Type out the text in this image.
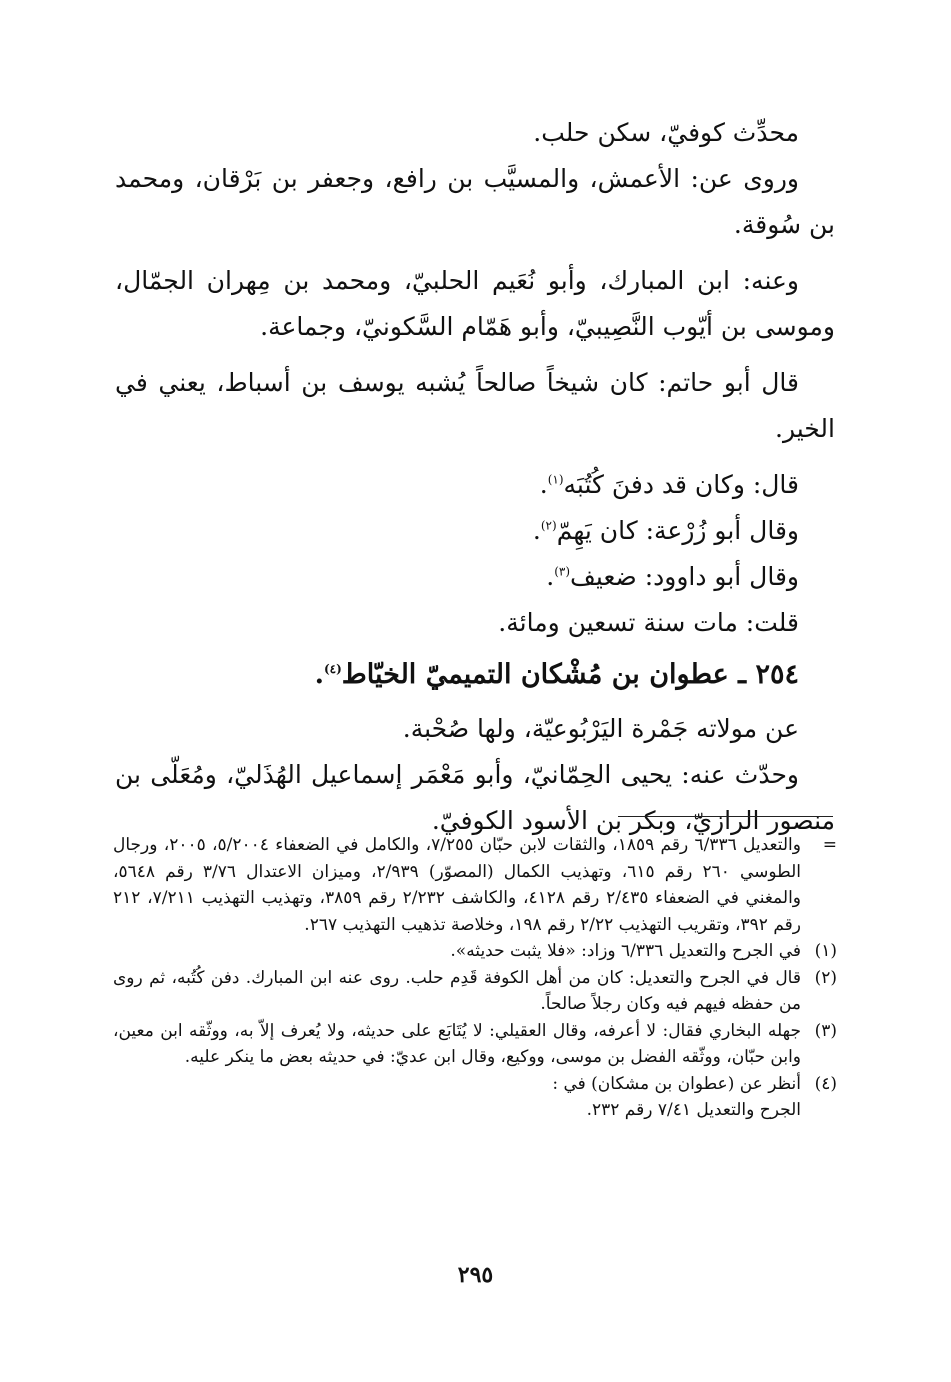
محدِّث كوفيّ، سكن حلب.

وروى عن: الأعمش، والمسيَّب بن رافع، وجعفر بن بَرْقان، ومحمد بن سُوقة.

وعنه: ابن المبارك، وأبو نُعَيم الحلبيّ، ومحمد بن مِهران الجمّال، وموسى بن أيّوب النَّصِيبيّ، وأبو هَمّام السَّكونيّ، وجماعة.

قال أبو حاتم: كان شيخاً صالحاً يُشبه يوسف بن أسباط، يعني في الخير.

قال: وكان قد دفنَ كُتُبَه$^{(١)}$.

وقال أبو زُرْعة: كان يَهِمّ$^{(٢)}$.

وقال أبو داوود: ضعيف$^{(٣)}$.

قلت: مات سنة تسعين ومائة.

٢٥٤ ـ عطوان بن مُشْكان التميميّ الخيّاط$^{(٤)}$.

عن مولاته جَمْرة اليَرْبُوعيّة، ولها صُحْبة.

وحدّث عنه: يحيى الحِمّانيّ، وأبو مَعْمَر إسماعيل الهُذَليّ، ومُعَلّى بن منصور الرازيّ، وبكر بن الأسود الكوفيّ.

=
والتعديل ٦/٣٣٦ رقم ١٨٥٩، والثقات لابن حبّان ٧/٢٥٥، والكامل في الضعفاء ٥/٢٠٠٤، ٢٠٠٥، ورجال الطوسي ٢٦٠ رقم ٦١٥، وتهذيب الكمال (المصوّر) ٢/٩٣٩، وميزان الاعتدال ٣/٧٦ رقم ٥٦٤٨، والمغني في الضعفاء ٢/٤٣٥ رقم ٤١٢٨، والكاشف ٢/٢٣٢ رقم ٣٨٥٩، وتهذيب التهذيب ٧/٢١١، ٢١٢ رقم ٣٩٢، وتقريب التهذيب ٢/٢٢ رقم ١٩٨، وخلاصة تذهيب التهذيب ٢٦٧.
(١)
في الجرح والتعديل ٦/٣٣٦ وزاد: «فلا يثبت حديثه».
(٢)
قال في الجرح والتعديل: كان من أهل الكوفة قَدِم حلب. روى عنه ابن المبارك. دفن كُتُبه، ثم روى من حفظه فيهم فيه وكان رجلاً صالحاً.
(٣)
جهله البخاري فقال: لا أعرفه، وقال العقيلي: لا يُتَابَع على حديثه، ولا يُعرف إلاّ به، ووثّقه ابن معين، وابن حبّان، ووثّقه الفضل بن موسى، ووكيع، وقال ابن عديّ: في حديثه بعض ما ينكر عليه.
(٤)
أنظر عن (عطوان بن مشكان) في :
الجرح والتعديل ٧/٤١ رقم ٢٣٢.
٢٩٥
